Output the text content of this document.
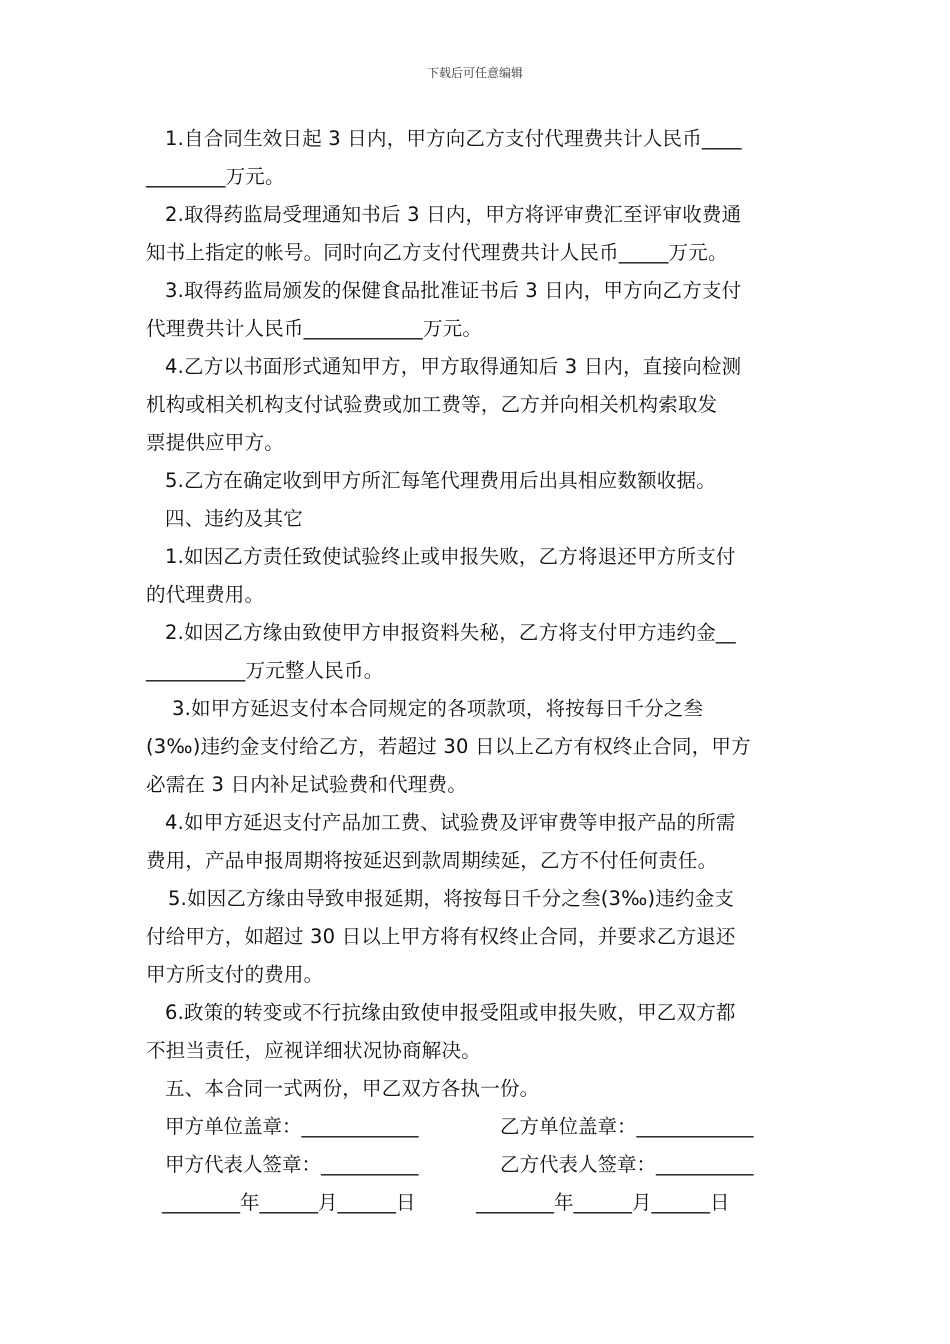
下载后可任意编辑
1.自合同生效日起 3 日内，甲方向乙方支付代理费共计人民币____
________万元。
2.取得药监局受理通知书后 3 日内，甲方将评审费汇至评审收费通
知书上指定的帐号。同时向乙方支付代理费共计人民币_____万元。
3.取得药监局颁发的保健食品批准证书后 3 日内，甲方向乙方支付
代理费共计人民币____________万元。
4.乙方以书面形式通知甲方，甲方取得通知后 3 日内，直接向检测
机构或相关机构支付试验费或加工费等，乙方并向相关机构索取发
票提供应甲方。
5.乙方在确定收到甲方所汇每笔代理费用后出具相应数额收据。
四、违约及其它
1.如因乙方责任致使试验终止或申报失败，乙方将退还甲方所支付
的代理费用。
2.如因乙方缘由致使甲方申报资料失秘，乙方将支付甲方违约金__
__________万元整人民币。
3.如甲方延迟支付本合同规定的各项款项，将按每日千分之叁
(3‰)违约金支付给乙方，若超过 30 日以上乙方有权终止合同，甲方
必需在 3 日内补足试验费和代理费。
4.如甲方延迟支付产品加工费、试验费及评审费等申报产品的所需
费用，产品申报周期将按延迟到款周期续延，乙方不付任何责任。
5.如因乙方缘由导致申报延期，将按每日千分之叁(3‰)违约金支
付给甲方，如超过 30 日以上甲方将有权终止合同，并要求乙方退还
甲方所支付的费用。
6.政策的转变或不行抗缘由致使申报受阻或申报失败，甲乙双方都
不担当责任，应视详细状况协商解决。
五、本合同一式两份，甲乙双方各执一份。
甲方单位盖章：____________	乙方单位盖章：____________
甲方代表人签章：__________	乙方代表人签章：__________
________年______月______日	________年______月______日
